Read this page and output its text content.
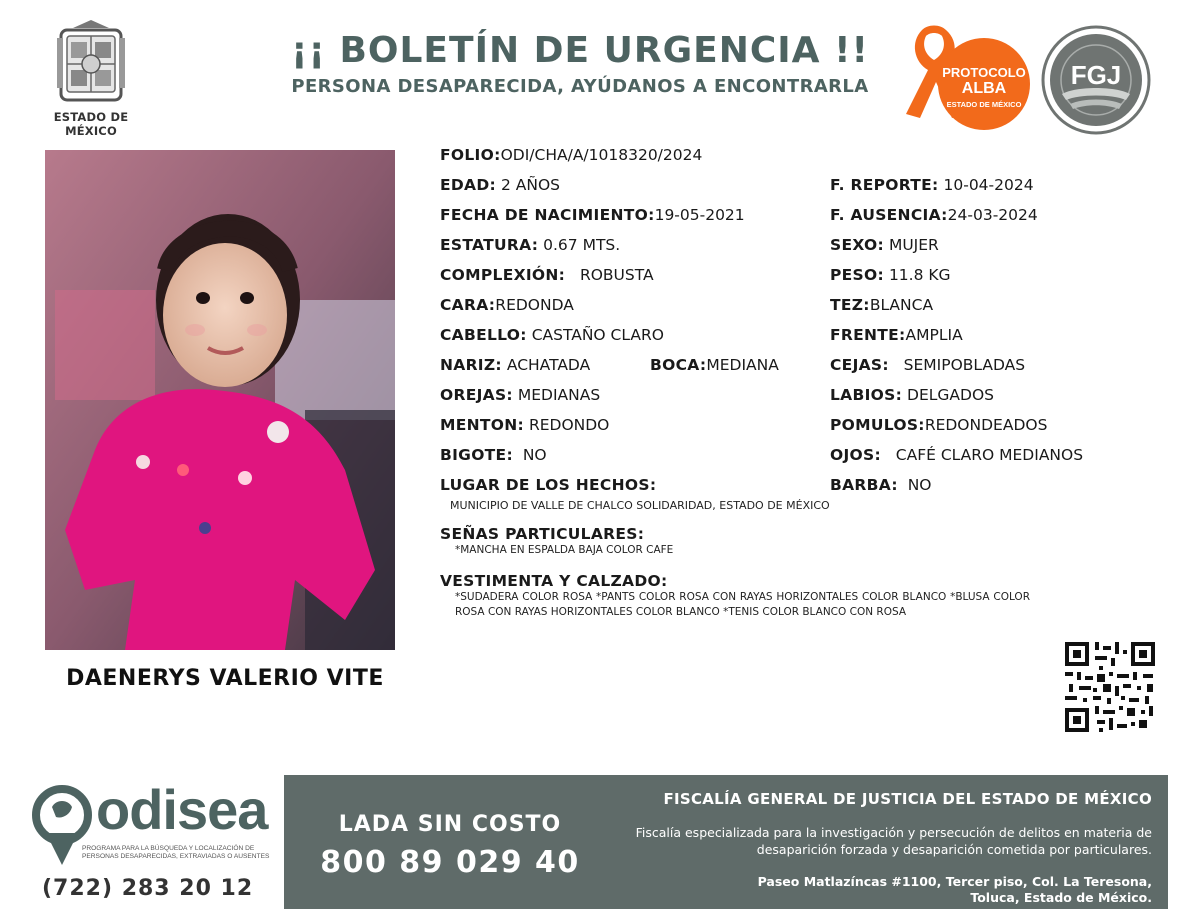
ESTADO DE MÉXICO
¡¡ BOLETÍN DE URGENCIA !!
PERSONA DESAPARECIDA, AYÚDANOS A ENCONTRARLA
PROTOCOLO
ALBA
ESTADO DE MÉXICO
FGJ
DAENERYS VALERIO VITE
FOLIO:ODI/CHA/A/1018320/2024
EDAD: 2 AÑOS	F. REPORTE: 10-04-2024
FECHA DE NACIMIENTO:19-05-2021	F. AUSENCIA:24-03-2024
ESTATURA: 0.67 MTS.	SEXO: MUJER
COMPLEXIÓN: ROBUSTA	PESO: 11.8 KG
CARA:REDONDA	TEZ:BLANCA
CABELLO: CASTAÑO CLARO	FRENTE:AMPLIA
NARIZ: ACHATADA	BOCA:MEDIANA	CEJAS: SEMIPOBLADAS
OREJAS: MEDIANAS	LABIOS: DELGADOS
MENTON: REDONDO	POMULOS:REDONDEADOS
BIGOTE: NO	OJOS: CAFÉ CLARO MEDIANOS
LUGAR DE LOS HECHOS:	BARBA: NO
MUNICIPIO DE VALLE DE CHALCO SOLIDARIDAD, ESTADO DE MÉXICO
SEÑAS PARTICULARES:
*MANCHA EN ESPALDA BAJA COLOR CAFE
VESTIMENTA Y CALZADO:
*SUDADERA COLOR ROSA *PANTS COLOR ROSA CON RAYAS HORIZONTALES COLOR BLANCO *BLUSA COLOR ROSA CON RAYAS HORIZONTALES COLOR BLANCO *TENIS COLOR BLANCO CON ROSA
odisea
PROGRAMA PARA LA BÚSQUEDA Y LOCALIZACIÓN DE PERSONAS DESAPARECIDAS, EXTRAVIADAS O AUSENTES
(722) 283 20 12
LADA SIN COSTO
800 89 029 40
FISCALÍA GENERAL DE JUSTICIA DEL ESTADO DE MÉXICO
Fiscalía especializada para la investigación y persecución de delitos en materia de desaparición forzada y desaparición cometida por particulares.
Paseo Matlazíncas #1100, Tercer piso, Col. La Teresona,
Toluca, Estado de México.
